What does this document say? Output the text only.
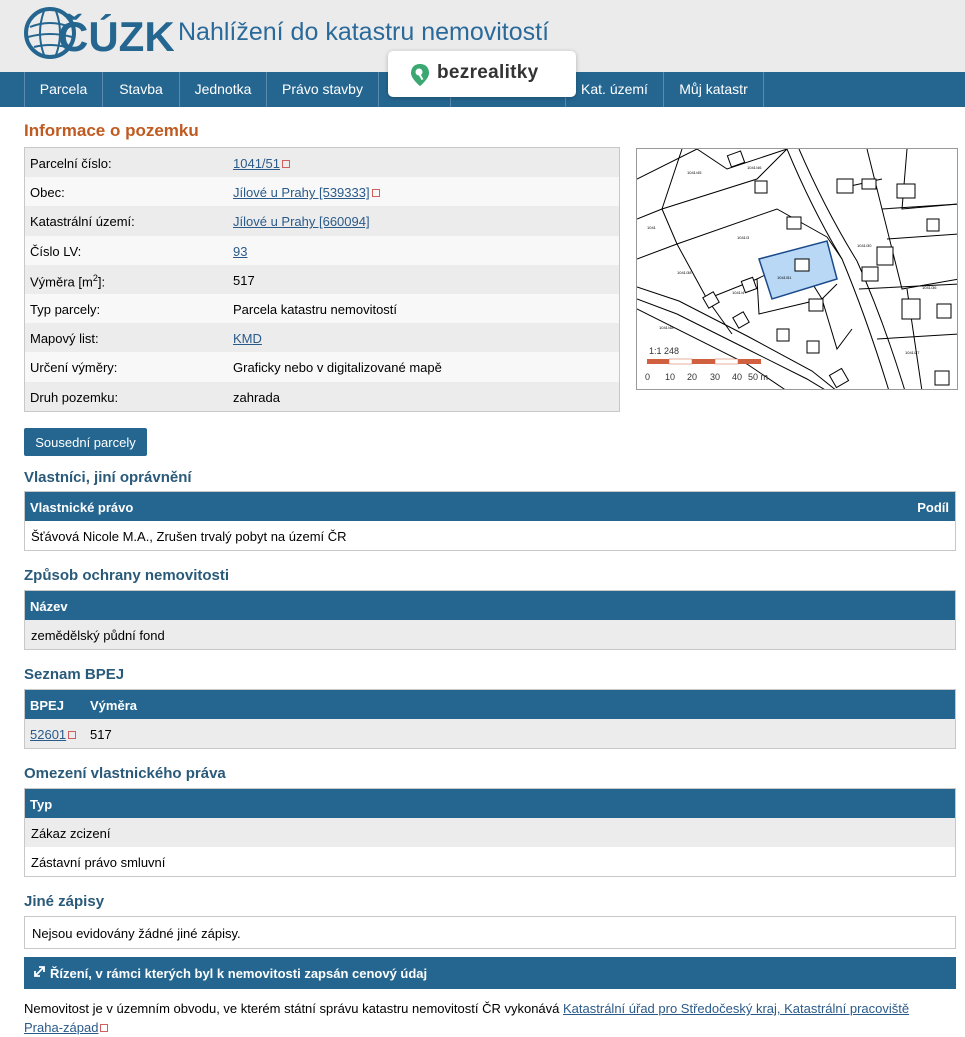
ČÚZK Nahlížení do katastru nemovitostí
Parcela	Stavba	Jednotka	Právo stavby	Kat. území	Můj katastr
bezrealitky
Informace o pozemku
Parcelní číslo:	1041/51
Obec:	Jílové u Prahy [539333]
Katastrální území:	Jílové u Prahy [660094]
Číslo LV:	93
Výměra $[m^2]$:	517
Typ parcely:	Parcela katastru nemovitostí
Mapový list:	KMD
Určení výměry:	Graficky nebo v digitalizované mapě
Druh pozemku:	zahrada
1041/45
1041/46
1041/3
1041
1041/38
1041/4
1041/48
1041/30
1041/36
1041/27
1041/51
1:1 248
0 10 20 30 40 50 m
Sousední parcely
Vlastníci, jiní oprávnění
Vlastnické právo	Podíl
Šťávová Nicole M.A., Zrušen trvalý pobyt na území ČR
Způsob ochrany nemovitosti
Název
zemědělský půdní fond
Seznam BPEJ
BPEJ Výměra
52601	517
Omezení vlastnického práva
Typ
Zákaz zcizení
Zástavní právo smluvní
Jiné zápisy
Nejsou evidovány žádné jiné zápisy.
Řízení, v rámci kterých byl k nemovitosti zapsán cenový údaj
Nemovitost je v územním obvodu, ve kterém státní správu katastru nemovitostí ČR vykonává Katastrální úřad pro Středočeský kraj, Katastrální pracoviště Praha-západ
